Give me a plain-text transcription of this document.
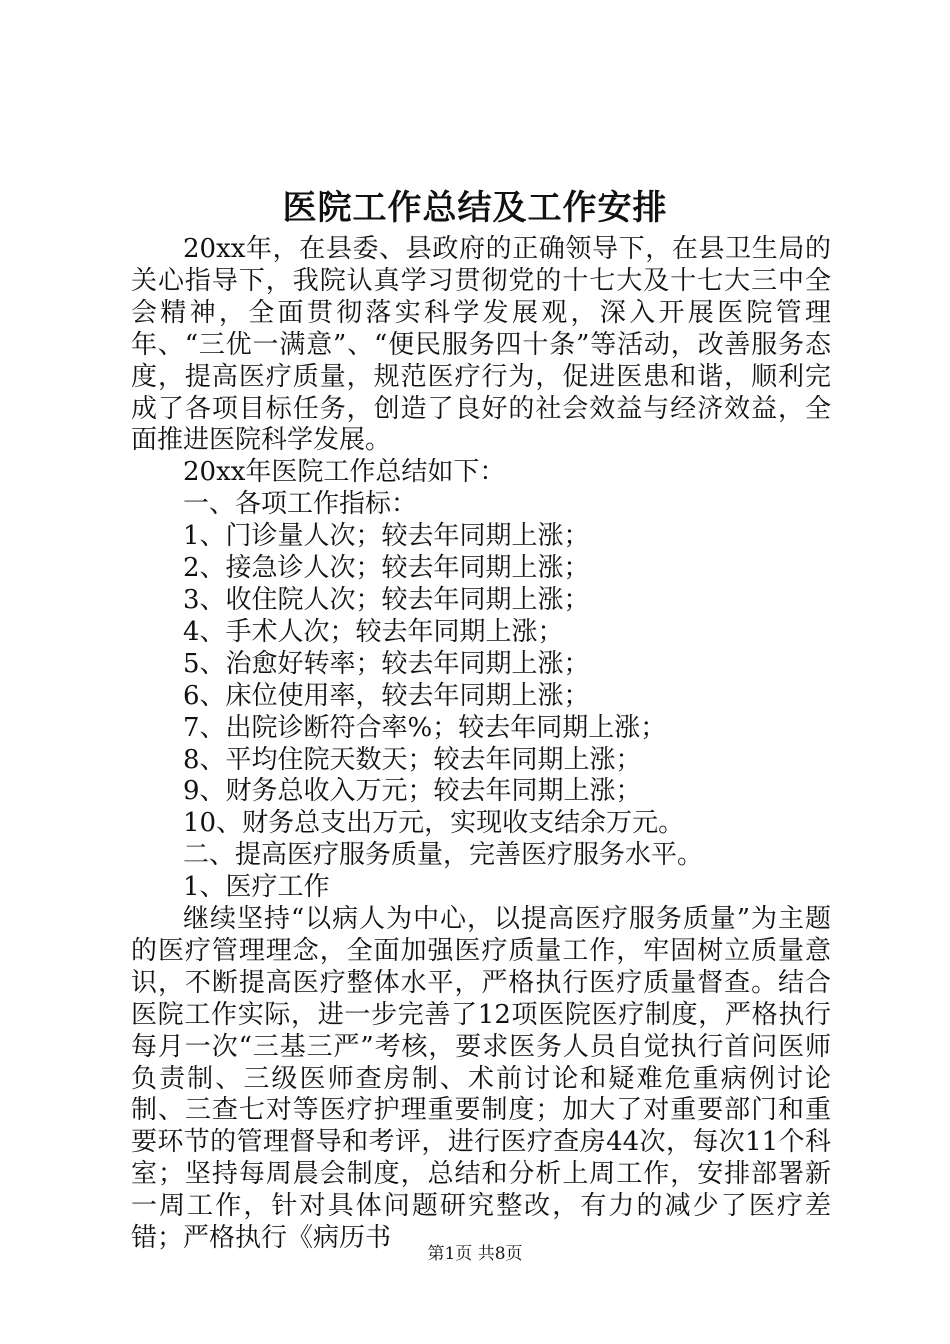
医院工作总结及工作安排

20xx年，在县委、县政府的正确领导下，在县卫生局的关心指导下，我院认真学习贯彻党的十七大及十七大三中全会精神，全面贯彻落实科学发展观，深入开展医院管理年、“三优一满意”、“便民服务四十条”等活动，改善服务态度，提高医疗质量，规范医疗行为，促进医患和谐，顺利完成了各项目标任务，创造了良好的社会效益与经济效益，全面推进医院科学发展。

20xx年医院工作总结如下：

一、各项工作指标：

1、门诊量人次；较去年同期上涨；

2、接急诊人次；较去年同期上涨；

3、收住院人次；较去年同期上涨；

4、手术人次；较去年同期上涨；

5、治愈好转率；较去年同期上涨；

6、床位使用率，较去年同期上涨；

7、出院诊断符合率%；较去年同期上涨；

8、平均住院天数天；较去年同期上涨；

9、财务总收入万元；较去年同期上涨；

10、财务总支出万元，实现收支结余万元。

二、提高医疗服务质量，完善医疗服务水平。

1、医疗工作

继续坚持“以病人为中心，以提高医疗服务质量”为主题的医疗管理理念，全面加强医疗质量工作，牢固树立质量意识，不断提高医疗整体水平，严格执行医疗质量督查。结合医院工作实际，进一步完善了12项医院医疗制度，严格执行每月一次“三基三严”考核，要求医务人员自觉执行首问医师负责制、三级医师查房制、术前讨论和疑难危重病例讨论制、三查七对等医疗护理重要制度；加大了对重要部门和重要环节的管理督导和考评，进行医疗查房44次，每次11个科室；坚持每周晨会制度，总结和分析上周工作，安排部署新一周工作，针对具体问题研究整改，有力的减少了医疗差错；严格执行《病历书

第1页 共8页
